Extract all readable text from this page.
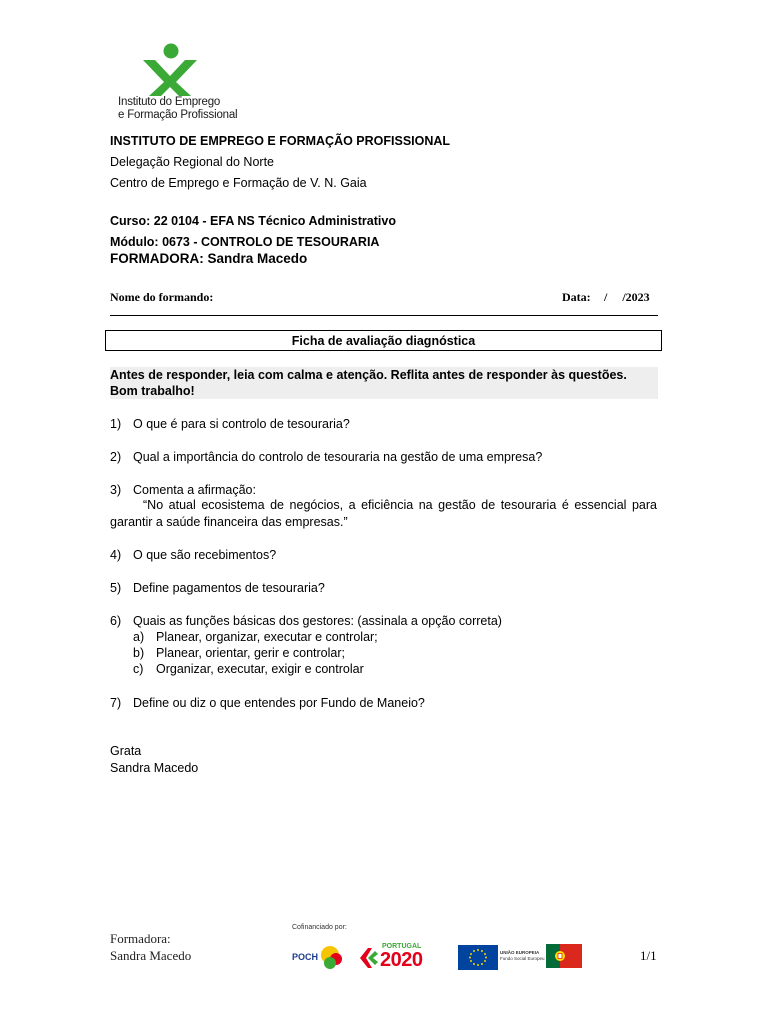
Instituto do Emprego
e Formação Profissional
INSTITUTO DE EMPREGO E FORMAÇÃO PROFISSIONAL
Delegação Regional do Norte
Centro de Emprego e Formação de V. N. Gaia
Curso: 22 0104 - EFA NS Técnico Administrativo
Módulo: 0673 - CONTROLO DE TESOURARIA
FORMADORA: Sandra Macedo
Nome do formando:	Data: /     /2023
Ficha de avaliação diagnóstica
Antes de responder, leia com calma e atenção. Reflita antes de responder às questões. Bom trabalho!
1) O que é para si controlo de tesouraria?
2) Qual a importância do controlo de tesouraria na gestão de uma empresa?
3) Comenta a afirmação:
“No atual ecosistema de negócios, a eficiência na gestão de tesouraria é essencial para garantir a saúde financeira das empresas.”
4) O que são recebimentos?
5) Define pagamentos de tesouraria?
6) Quais as funções básicas dos gestores: (assinala a opção correta)
a) Planear, organizar, executar e controlar;
b) Planear, orientar, gerir e controlar;
c) Organizar, executar, exigir e controlar
7) Define ou diz o que entendes por Fundo de Maneio?
Grata
Sandra Macedo
Formadora:
Sandra Macedo
Cofinanciado por:
POCH
PORTUGAL
2020	UNIÃO EUROPEIA
Fundo Social Europeu	1/1
